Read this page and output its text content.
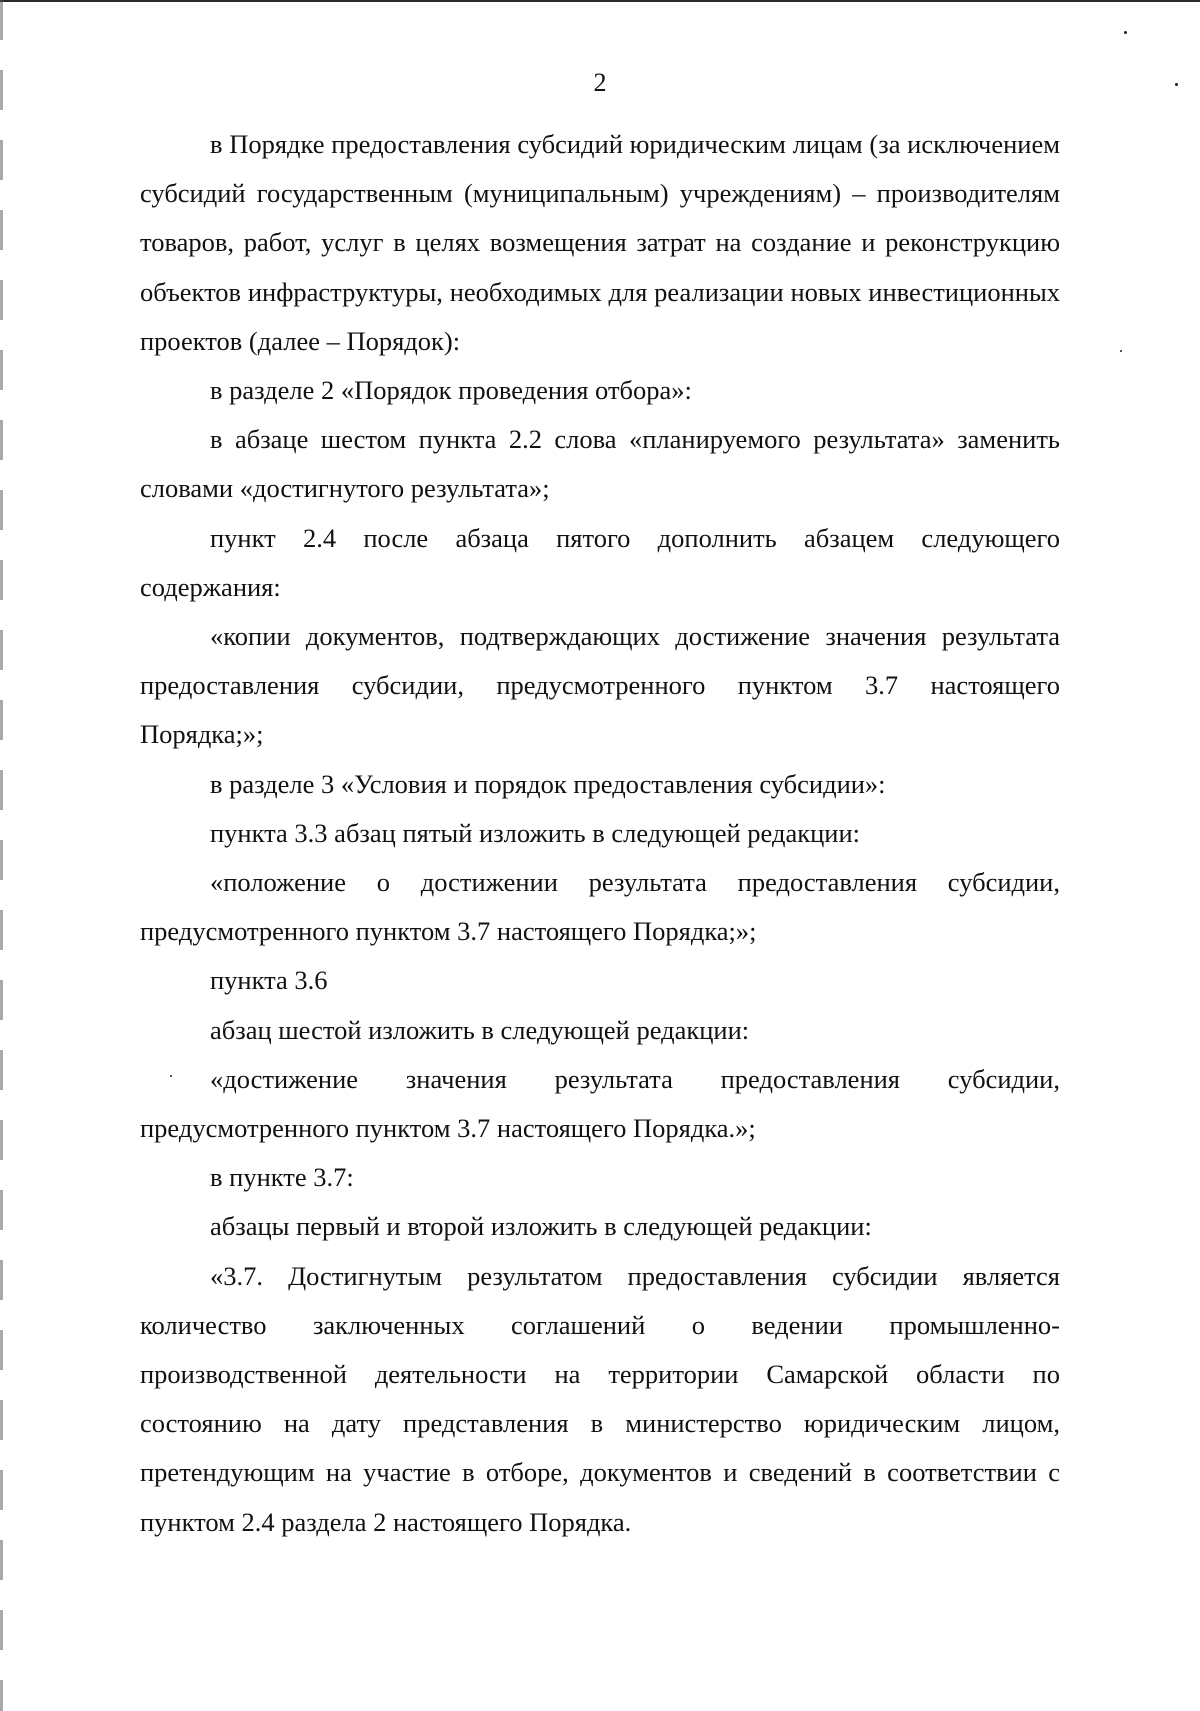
2

в Порядке предоставления субсидий юридическим лицам (за исключением субсидий государственным (муниципальным) учреждениям) – производителям товаров, работ, услуг в целях возмещения затрат на создание и реконструкцию объектов инфраструктуры, необходимых для реализации новых инвестиционных проектов (далее – Порядок):

в разделе 2 «Порядок проведения отбора»:

в абзаце шестом пункта 2.2 слова «планируемого результата» заменить словами «достигнутого результата»;

пункт 2.4 после абзаца пятого дополнить абзацем следующего содержания:

«копии документов, подтверждающих достижение значения результата предоставления субсидии, предусмотренного пунктом 3.7 настоящего Порядка;»;

в разделе 3 «Условия и порядок предоставления субсидии»:

пункта 3.3 абзац пятый изложить в следующей редакции:

«положение о достижении результата предоставления субсидии, предусмотренного пунктом 3.7 настоящего Порядка;»;

пункта 3.6

абзац шестой изложить в следующей редакции:

«достижение значения результата предоставления субсидии, предусмотренного пунктом 3.7 настоящего Порядка.»;

в пункте 3.7:

абзацы первый и второй изложить в следующей редакции:

«3.7. Достигнутым результатом предоставления субсидии является количество заключенных соглашений о ведении промышленно-производственной деятельности на территории Самарской области по состоянию на дату представления в министерство юридическим лицом, претендующим на участие в отборе, документов и сведений в соответствии с пунктом 2.4 раздела 2 настоящего Порядка.
